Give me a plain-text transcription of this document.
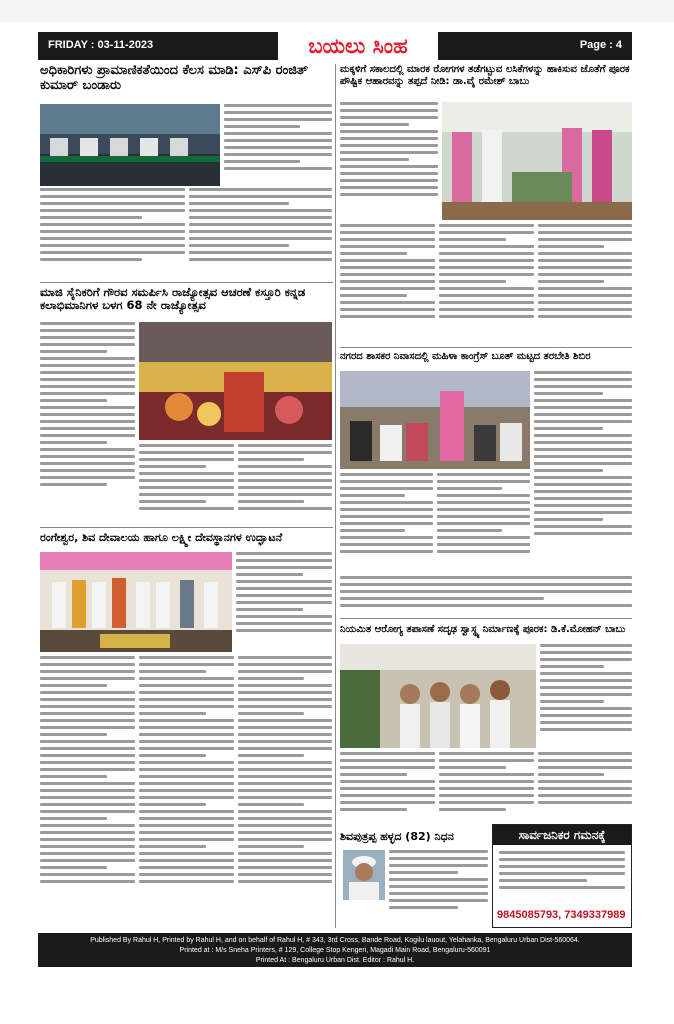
FRIDAY : 03-11-2023	ಬಯಲು ಸಿಂಹ	Page : 4
ಅಧಿಕಾರಿಗಳು ಪ್ರಾಮಾಣಿಕತೆಯಿಂದ ಕೆಲಸ ಮಾಡಿ: ಎಸ್‌ಪಿ ರಂಜಿತ್ ಕುಮಾರ್ ಬಂಡಾರು
ಮಾಜಿ ಸೈನಿಕರಿಗೆ ಗೌರವ ಸಮರ್ಪಿಸಿ ರಾಜ್ಯೋತ್ಸವ ಆಚರಣೆ ಕಸ್ತೂರಿ ಕನ್ನಡ ಕಲಾಭಿಮಾನಿಗಳ ಬಳಗ 68 ನೇ ರಾಜ್ಯೋತ್ಸವ
ರಂಗೇಶ್ವರ, ಶಿವ ದೇವಾಲಯ ಹಾಗೂ ಲಕ್ಷ್ಮೀ ದೇವಸ್ಥಾನಗಳ ಉದ್ಘಾಟನೆ
ಮಕ್ಕಳಿಗೆ ಸಕಾಲದಲ್ಲಿ ಮಾರಕ ರೋಗಗಳ ತಡೆಗಟ್ಟುವ ಲಸಿಕೆಗಳನ್ನು ಹಾಕಿಸುವ ಜೊತೆಗೆ ಪೂರಕ ಪೌಷ್ಟಿಕ ಆಹಾರವನ್ನು ತಪ್ಪದೆ ನೀಡಿ: ಡಾ.ವೈ ರಮೇಶ್ ಬಾಬು
ನಗರದ ಶಾಸಕರ ನಿವಾಸದಲ್ಲಿ ಮಹಿಳಾ ಕಾಂಗ್ರೆಸ್ ಬೂತ್ ಮಟ್ಟದ ತರಬೇತಿ ಶಿಬಿರ
ನಿಯಮಿತ ಆರೋಗ್ಯ ತಪಾಸಣೆ ಸದೃಢ ಸ್ವಾಸ್ಥ್ಯ ನಿರ್ಮಾಣಕ್ಕೆ ಪೂರಕ: ಡಿ.ಕೆ.ಮೋಹನ್ ಬಾಬು
ಶಿವಪುತ್ರಪ್ಪ ಹಳ್ಳದ (82) ನಿಧನ	ಸಾರ್ವಜನಿಕರ ಗಮನಕ್ಕೆ
9845085793, 7349337989
Published By Rahul H, Printed by Rahul H, and on behalf of Rahul H, # 343, 3rd Cross, Bande Road, Kogilu lauout, Yelahanka, Bengaluru Urban Dist-560064.
Printed at : M/s Sneha Printers, # 129, College Stop Kengeri, Magadi Main Road, Bengaluru-560091
Printed At : Bengaluru Urban Dist. Editor : Rahul H.
